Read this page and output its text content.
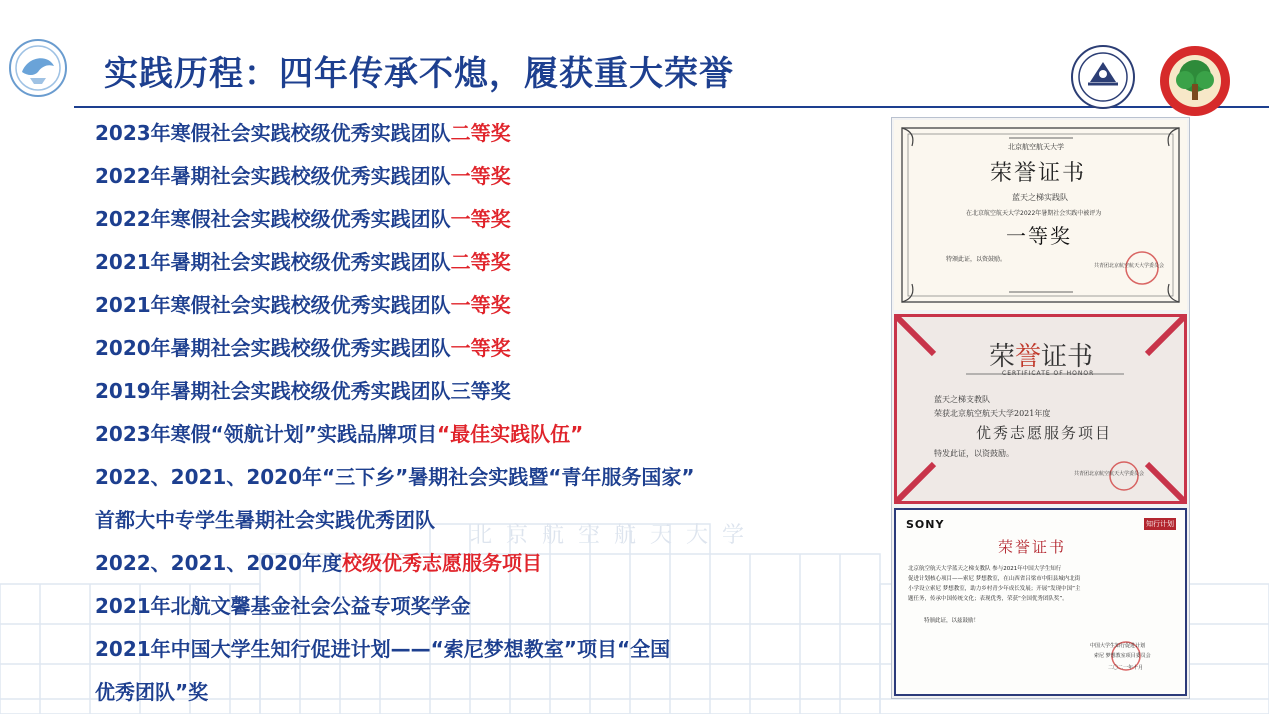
北京航空航天大学
实践历程：四年传承不熄，履获重大荣誉
2023年寒假社会实践校级优秀实践团队二等奖
2022年暑期社会实践校级优秀实践团队一等奖
2022年寒假社会实践校级优秀实践团队一等奖
2021年暑期社会实践校级优秀实践团队二等奖
2021年寒假社会实践校级优秀实践团队一等奖
2020年暑期社会实践校级优秀实践团队一等奖
2019年暑期社会实践校级优秀实践团队三等奖
2023年寒假“领航计划”实践品牌项目“最佳实践队伍”
2022、2021、2020年“三下乡”暑期社会实践暨“青年服务国家”
首都大中专学生暑期社会实践优秀团队
2022、2021、2020年度校级优秀志愿服务项目
2021年北航文馨基金社会公益专项奖学金
2021年中国大学生知行促进计划——“索尼梦想教室”项目“全国
优秀团队”奖
北京航空航天大学
荣誉证书
蓝天之梯实践队
在北京航空航天大学2022年暑期社会实践中被评为
一等奖
特颁此证，以资鼓励。
共青团北京航空航天大学委员会
荣誉证书
CERTIFICATE OF HONOR
蓝天之梯支教队
荣获北京航空航天大学2021年度
优秀志愿服务项目
特发此证，以资鼓励。
共青团北京航空航天大学委员会
SONY	知行计划
荣誉证书
北京航空航天大学蓝天之梯支教队 参与2021年中国大学生知行
促进计划核心项目——索尼 梦想教室，在山西省吕梁市中阳县城内北街
小学设立索尼 梦想教室，助力乡村青少年成长发展；开展“发现中国”主
题任务，传承中国传统文化；表现优秀，荣获“全国优秀团队奖”。
特颁此证，以兹鼓励！
中国大学生知行促进计划
索尼 梦想教室项目委员会
二〇二一年十月
